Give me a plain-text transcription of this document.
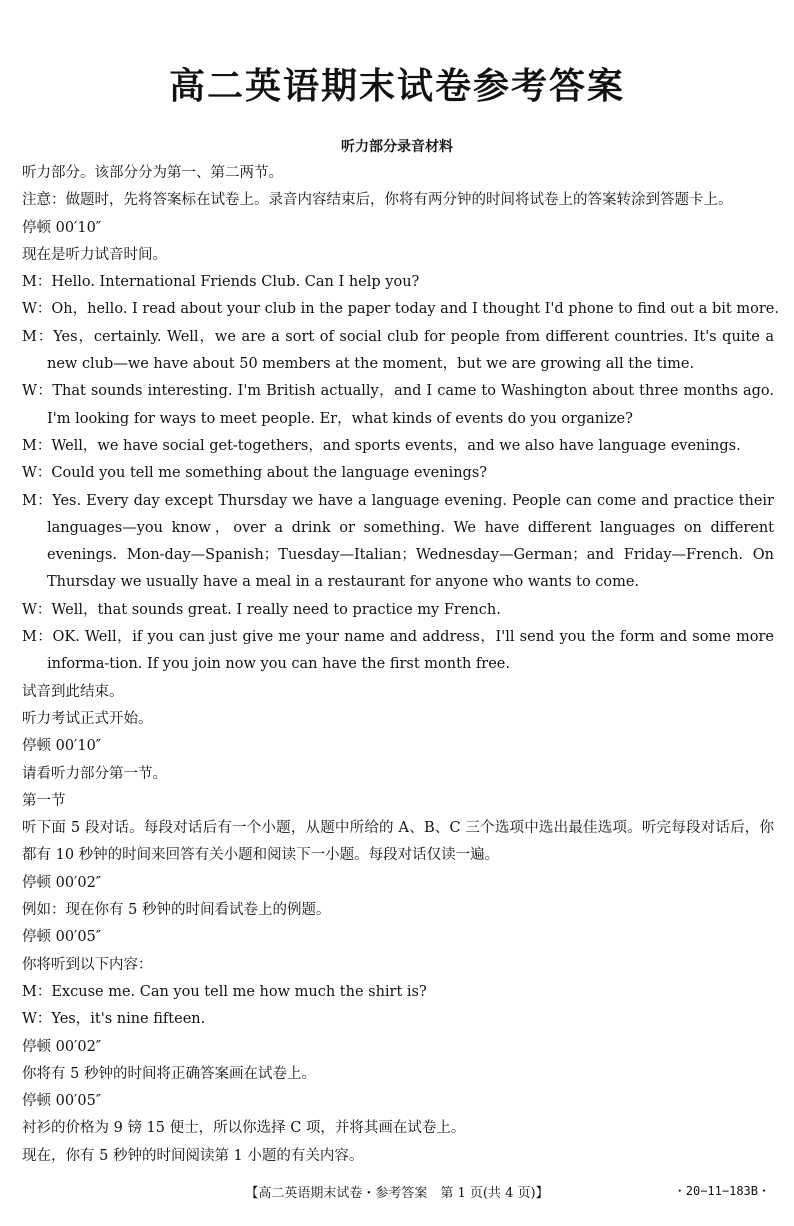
高二英语期末试卷参考答案
听力部分录音材料
听力部分。该部分分为第一、第二两节。
注意：做题时，先将答案标在试卷上。录音内容结束后，你将有两分钟的时间将试卷上的答案转涂到答题卡上。
停顿 00′10″
现在是听力试音时间。
M：Hello. International Friends Club. Can I help you?
W：Oh，hello. I read about your club in the paper today and I thought I'd phone to find out a bit more.
M：Yes，certainly. Well，we are a sort of social club for people from different countries. It's quite a new club—we have about 50 members at the moment，but we are growing all the time.
W：That sounds interesting. I'm British actually，and I came to Washington about three months ago. I'm looking for ways to meet people. Er，what kinds of events do you organize?
M：Well，we have social get-togethers，and sports events，and we also have language evenings.
W：Could you tell me something about the language evenings?
M：Yes. Every day except Thursday we have a language evening. People can come and practice their languages—you know，over a drink or something. We have different languages on different evenings. Mon-day—Spanish；Tuesday—Italian；Wednesday—German；and Friday—French. On Thursday we usually have a meal in a restaurant for anyone who wants to come.
W：Well，that sounds great. I really need to practice my French.
M：OK. Well，if you can just give me your name and address，I'll send you the form and some more informa-tion. If you join now you can have the first month free.
试音到此结束。
听力考试正式开始。
停顿 00′10″
请看听力部分第一节。
第一节
听下面 5 段对话。每段对话后有一个小题，从题中所给的 A、B、C 三个选项中选出最佳选项。听完每段对话后，你都有 10 秒钟的时间来回答有关小题和阅读下一小题。每段对话仅读一遍。
停顿 00′02″
例如：现在你有 5 秒钟的时间看试卷上的例题。
停顿 00′05″
你将听到以下内容：
M：Excuse me. Can you tell me how much the shirt is?
W：Yes，it's nine fifteen.
停顿 00′02″
你将有 5 秒钟的时间将正确答案画在试卷上。
停顿 00′05″
衬衫的价格为 9 镑 15 便士，所以你选择 C 项，并将其画在试卷上。
现在，你有 5 秒钟的时间阅读第 1 小题的有关内容。
【高二英语期末试卷・参考答案　第 1 页(共 4 页)】	・20−11−183B・
